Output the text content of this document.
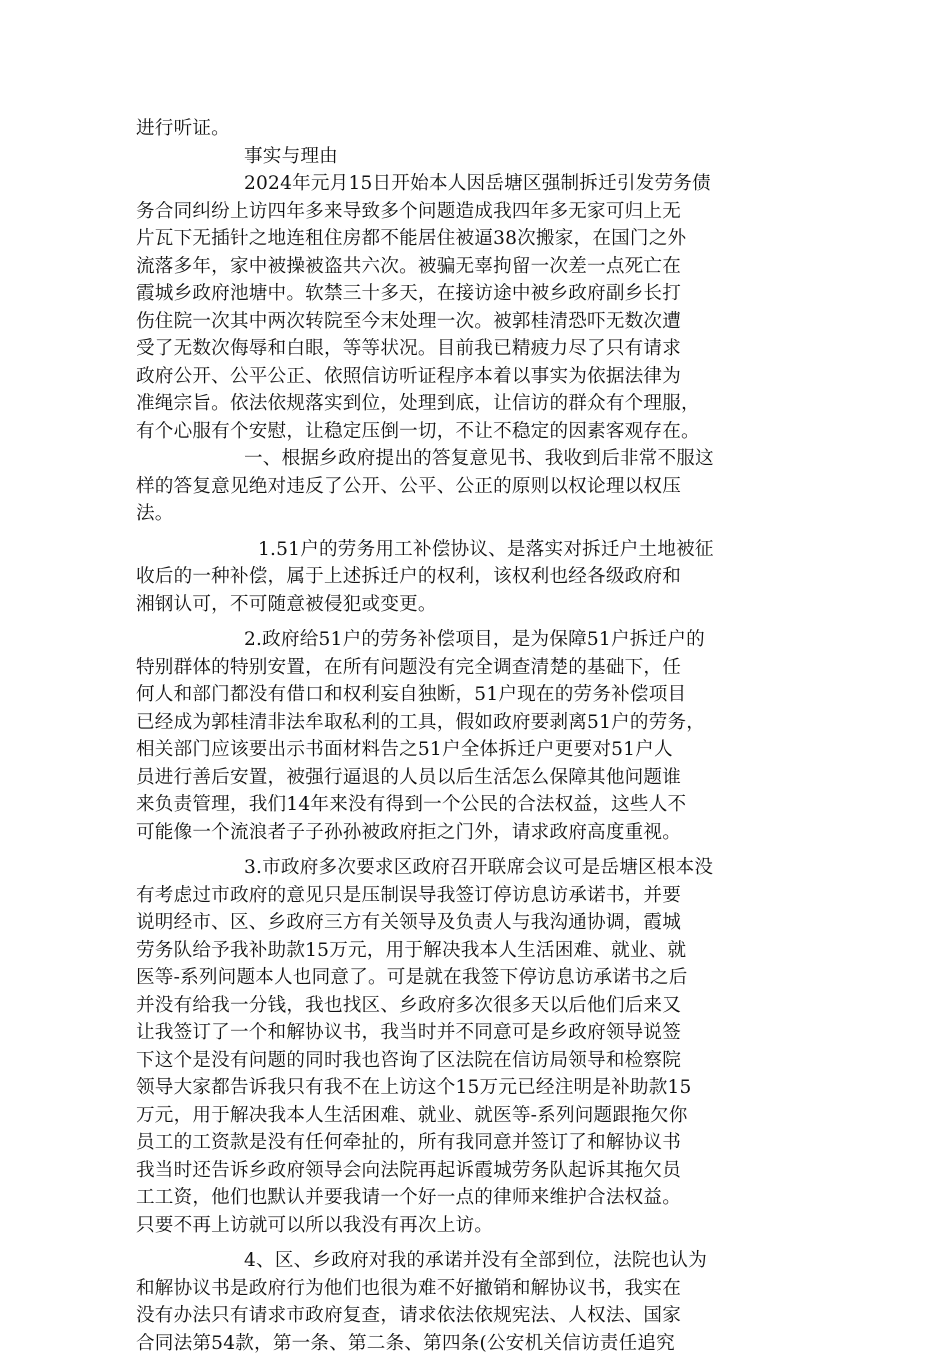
进行听证。
事实与理由
2024年元月15日开始本人因岳塘区强制拆迁引发劳务债
务合同纠纷上访四年多来导致多个问题造成我四年多无家可归上无
片瓦下无插针之地连租住房都不能居住被逼38次搬家，在国门之外
流落多年，家中被操被盗共六次。被骗无辜拘留一次差一点死亡在
霞城乡政府池塘中。软禁三十多天，在接访途中被乡政府副乡长打
伤住院一次其中两次转院至今末处理一次。被郭桂清恐吓无数次遭
受了无数次侮辱和白眼，等等状况。目前我已精疲力尽了只有请求
政府公开、公平公正、依照信访听证程序本着以事实为依据法律为
准绳宗旨。依法依规落实到位，处理到底，让信访的群众有个理服，
有个心服有个安慰，让稳定压倒一切，不让不稳定的因素客观存在。
一、根据乡政府提出的答复意见书、我收到后非常不服这
样的答复意见绝对违反了公开、公平、公正的原则以权论理以权压
法。
1.51户的劳务用工补偿协议、是落实对拆迁户土地被征
收后的一种补偿，属于上述拆迁户的权利，该权利也经各级政府和
湘钢认可，不可随意被侵犯或变更。
2.政府给51户的劳务补偿项目，是为保障51户拆迁户的
特别群体的特别安置，在所有问题没有完全调查清楚的基础下，任
何人和部门都没有借口和权利妄自独断，51户现在的劳务补偿项目
已经成为郭桂清非法牟取私利的工具，假如政府要剥离51户的劳务，
相关部门应该要出示书面材料告之51户全体拆迁户更要对51户人
员进行善后安置，被强行逼退的人员以后生活怎么保障其他问题谁
来负责管理，我们14年来没有得到一个公民的合法权益，这些人不
可能像一个流浪者子子孙孙被政府拒之门外，请求政府高度重视。
3.市政府多次要求区政府召开联席会议可是岳塘区根本没
有考虑过市政府的意见只是压制误导我签订停访息访承诺书，并要
说明经市、区、乡政府三方有关领导及负责人与我沟通协调，霞城
劳务队给予我补助款15万元，用于解决我本人生活困难、就业、就
医等-系列问题本人也同意了。可是就在我签下停访息访承诺书之后
并没有给我一分钱，我也找区、乡政府多次很多天以后他们后来又
让我签订了一个和解协议书，我当时并不同意可是乡政府领导说签
下这个是没有问题的同时我也咨询了区法院在信访局领导和检察院
领导大家都告诉我只有我不在上访这个15万元已经注明是补助款15
万元，用于解决我本人生活困难、就业、就医等-系列问题跟拖欠你
员工的工资款是没有任何牵扯的，所有我同意并签订了和解协议书
我当时还告诉乡政府领导会向法院再起诉霞城劳务队起诉其拖欠员
工工资，他们也默认并要我请一个好一点的律师来维护合法权益。
只要不再上访就可以所以我没有再次上访。
4、区、乡政府对我的承诺并没有全部到位，法院也认为
和解协议书是政府行为他们也很为难不好撤销和解协议书，我实在
没有办法只有请求市政府复查，请求依法依规宪法、人权法、国家
合同法第54款，第一条、第二条、第四条(公安机关信访责任追究
